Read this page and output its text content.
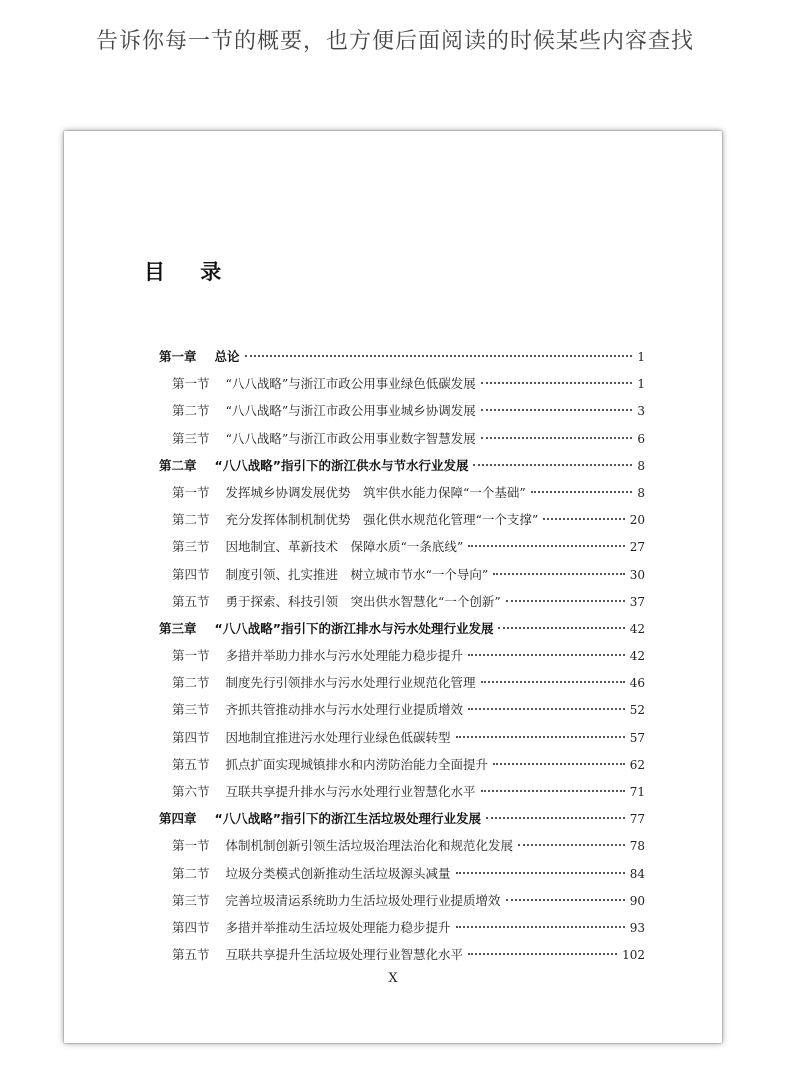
告诉你每一节的概要，也方便后面阅读的时候某些内容查找
目 录
第一章 总论	1
第一节 “八八战略”与浙江市政公用事业绿色低碳发展	1
第二节 “八八战略”与浙江市政公用事业城乡协调发展	3
第三节 “八八战略”与浙江市政公用事业数字智慧发展	6
第二章 “八八战略”指引下的浙江供水与节水行业发展	8
第一节 发挥城乡协调发展优势　筑牢供水能力保障“一个基础”	8
第二节 充分发挥体制机制优势　强化供水规范化管理“一个支撑”	20
第三节 因地制宜、革新技术　保障水质“一条底线”	27
第四节 制度引领、扎实推进　树立城市节水“一个导向”	30
第五节 勇于探索、科技引领　突出供水智慧化“一个创新”	37
第三章 “八八战略”指引下的浙江排水与污水处理行业发展	42
第一节 多措并举助力排水与污水处理能力稳步提升	42
第二节 制度先行引领排水与污水处理行业规范化管理	46
第三节 齐抓共管推动排水与污水处理行业提质增效	52
第四节 因地制宜推进污水处理行业绿色低碳转型	57
第五节 抓点扩面实现城镇排水和内涝防治能力全面提升	62
第六节 互联共享提升排水与污水处理行业智慧化水平	71
第四章 “八八战略”指引下的浙江生活垃圾处理行业发展	77
第一节 体制机制创新引领生活垃圾治理法治化和规范化发展	78
第二节 垃圾分类模式创新推动生活垃圾源头减量	84
第三节 完善垃圾清运系统助力生活垃圾处理行业提质增效	90
第四节 多措并举推动生活垃圾处理能力稳步提升	93
第五节 互联共享提升生活垃圾处理行业智慧化水平	102
X
